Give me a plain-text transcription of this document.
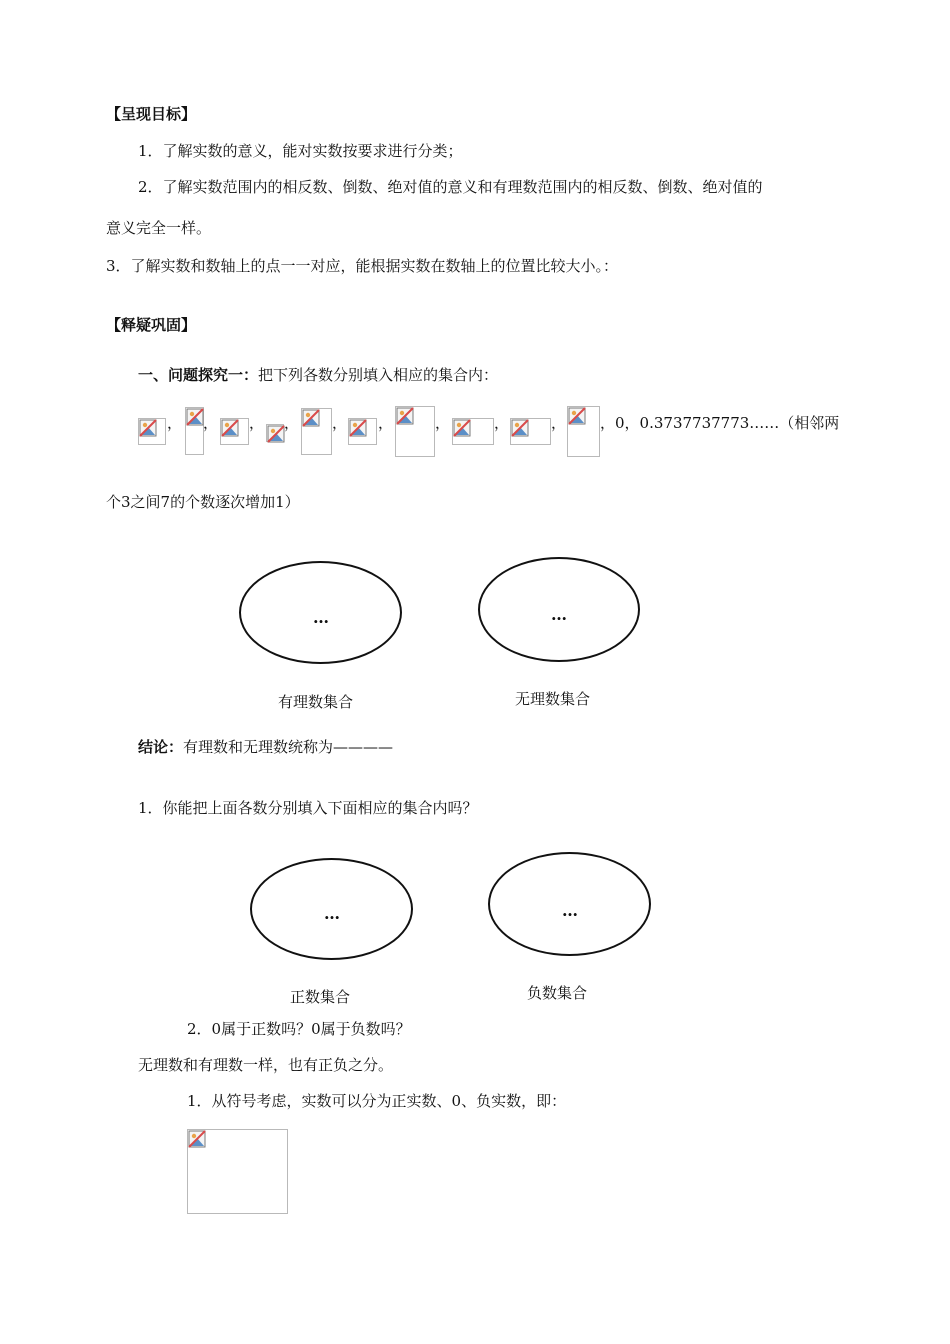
【呈现目标】
1．了解实数的意义，能对实数按要求进行分类；
2．了解实数范围内的相反数、倒数、绝对值的意义和有理数范围内的相反数、倒数、绝对值的
意义完全一样。
3．了解实数和数轴上的点一一对应，能根据实数在数轴上的位置比较大小。：
【释疑巩固】
一、问题探究一：把下列各数分别填入相应的集合内：
， ， ， ， ， ，	，	，	， ，0，0.3737737773……（相邻两
个3之间7的个数逐次增加1）
…	…
有理数集合	无理数集合
结论：有理数和无理数统称为————
1．你能把上面各数分别填入下面相应的集合内吗？
…	…
正数集合	负数集合
2．0属于正数吗？0属于负数吗？
无理数和有理数一样，也有正负之分。
1．从符号考虑，实数可以分为正实数、0、负实数，即：
